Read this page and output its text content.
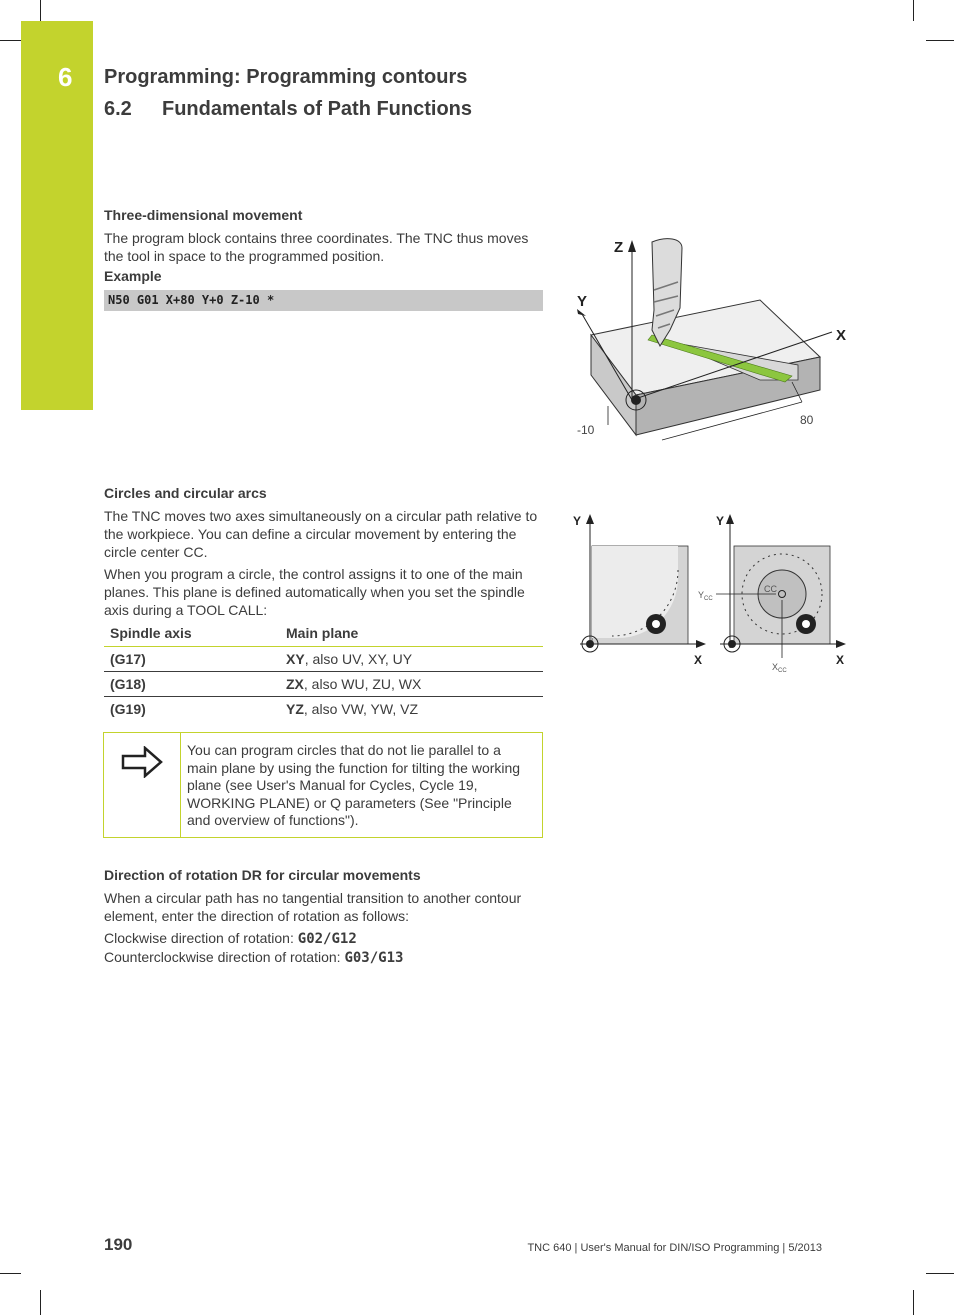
6 Programming: Programming contours
6.2 Fundamentals of Path Functions

Three-dimensional movement

The program block contains three coordinates. The TNC thus moves the tool in space to the programmed position.

Example

N50 G01 X+80 Y+0 Z-10 *
Z
Y
X
-10
80

Circles and circular arcs

The TNC moves two axes simultaneously on a circular path relative to the workpiece. You can define a circular movement by entering the circle center CC.

When you program a circle, the control assigns it to one of the main planes. This plane is defined automatically when you set the spindle axis during a TOOL CALL:

Spindle axis	Main plane
(G17)	XY, also UV, XY, UY
(G18)	ZX, also WU, ZU, WX
(G19)	YZ, also VW, YW, VZ
Y
X
Y
X
CC
$Y_{CC}$
$X_{CC}$
You can program circles that do not lie parallel to a main plane by using the function for tilting the working plane (see User's Manual for Cycles, Cycle 19, WORKING PLANE) or Q parameters (See "Principle and overview of functions").

Direction of rotation DR for circular movements

When a circular path has no tangential transition to another contour element, enter the direction of rotation as follows:

Clockwise direction of rotation: G02/G12

Counterclockwise direction of rotation: G03/G13

190	TNC 640 | User's Manual for DIN/ISO Programming | 5/2013
